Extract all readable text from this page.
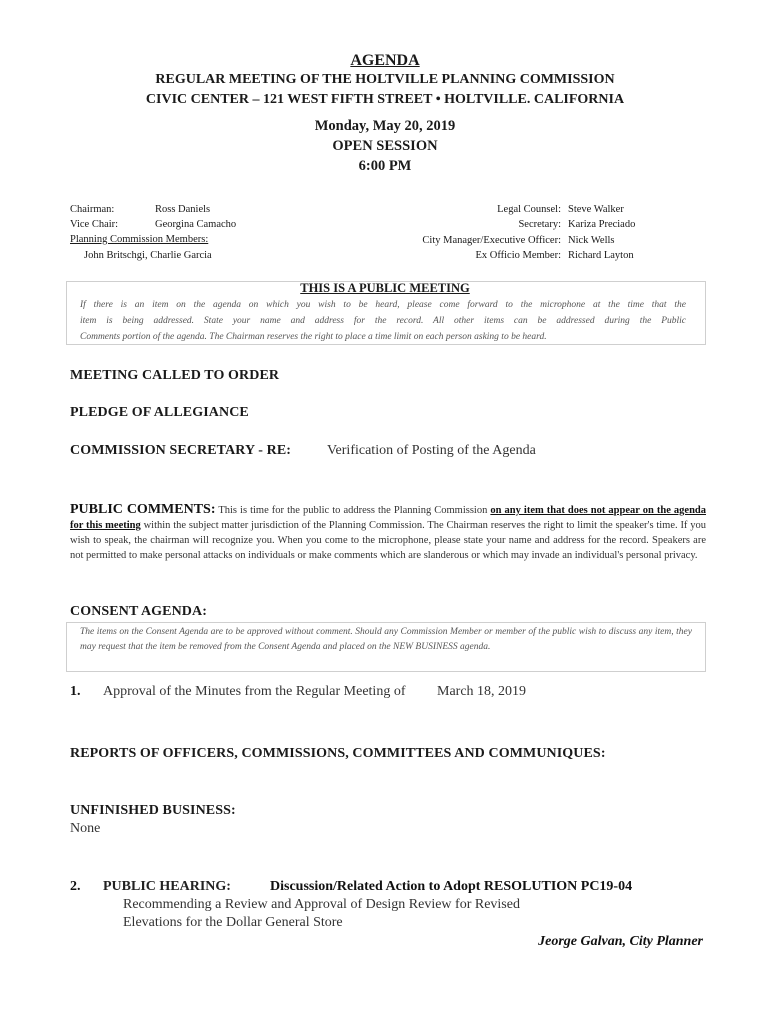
AGENDA
REGULAR MEETING OF THE HOLTVILLE PLANNING COMMISSION
CIVIC CENTER – 121 WEST FIFTH STREET • HOLTVILLE. CALIFORNIA
Monday, May 20, 2019
OPEN SESSION
6:00 PM
Chairman:	Ross Daniels
Vice Chair:	Georgina Camacho
Planning Commission Members:
John Britschgi, Charlie Garcia
Legal Counsel: Steve Walker
Secretary: Kariza Preciado
City Manager/Executive Officer: Nick Wells
Ex Officio Member: Richard Layton
THIS IS A PUBLIC MEETING
If there is an item on the agenda on which you wish to be heard, please come forward to the microphone at the time that the
item is being addressed. State your name and address for the record. All other items can be addressed during the Public
Comments portion of the agenda. The Chairman reserves the right to place a time limit on each person asking to be heard.
MEETING CALLED TO ORDER
PLEDGE OF ALLEGIANCE
COMMISSION SECRETARY - RE:	Verification of Posting of the Agenda
PUBLIC COMMENTS: This is time for the public to address the Planning Commission on any item that does not appear on the agenda for this meeting within the subject matter jurisdiction of the Planning Commission. The Chairman reserves the right to limit the speaker's time. If you wish to speak, the chairman will recognize you. When you come to the microphone, please state your name and address for the record. Speakers are not permitted to make personal attacks on individuals or make comments which are slanderous or which may invade an individual's personal privacy.
CONSENT AGENDA:
The items on the Consent Agenda are to be approved without comment. Should any Commission Member or member of the public wish to discuss any item, they may request that the item be removed from the Consent Agenda and placed on the NEW BUSINESS agenda.
1. Approval of the Minutes from the Regular Meeting of March 18, 2019
REPORTS OF OFFICERS, COMMISSIONS, COMMITTEES AND COMMUNIQUES:
UNFINISHED BUSINESS:
None
2. PUBLIC HEARING:	Discussion/Related Action to Adopt RESOLUTION PC19-04
Recommending a Review and Approval of Design Review for Revised
Elevations for the Dollar General Store
Jeorge Galvan, City Planner
